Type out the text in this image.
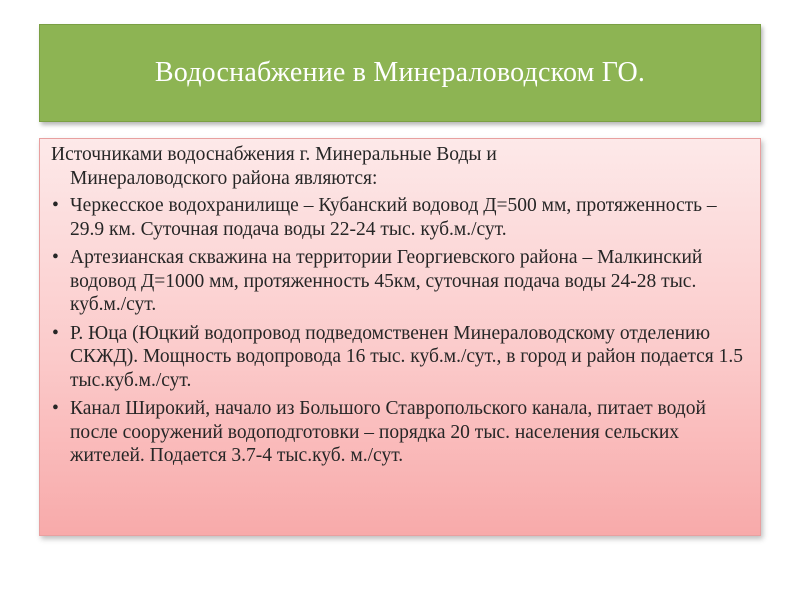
Водоснабжение в Минераловодском ГО.
Источниками водоснабжения г. Минеральные Воды и
Минераловодского района являются:
• Черкесское водохранилище – Кубанский водовод Д=500 мм, протяженность – 29.9 км. Суточная подача воды 22-24 тыс. куб.м./сут.
• Артезианская скважина на территории Георгиевского района – Малкинский водовод Д=1000 мм, протяженность 45км, суточная подача воды 24-28 тыс. куб.м./сут.
• Р. Юца (Юцкий водопровод подведомственен Минераловодскому отделению СКЖД). Мощность водопровода 16 тыс. куб.м./сут., в город и район подается 1.5 тыс.куб.м./сут.
• Канал Широкий, начало из Большого Ставропольского канала, питает водой после сооружений водоподготовки – порядка 20 тыс. населения сельских жителей. Подается 3.7-4 тыс.куб. м./сут.
